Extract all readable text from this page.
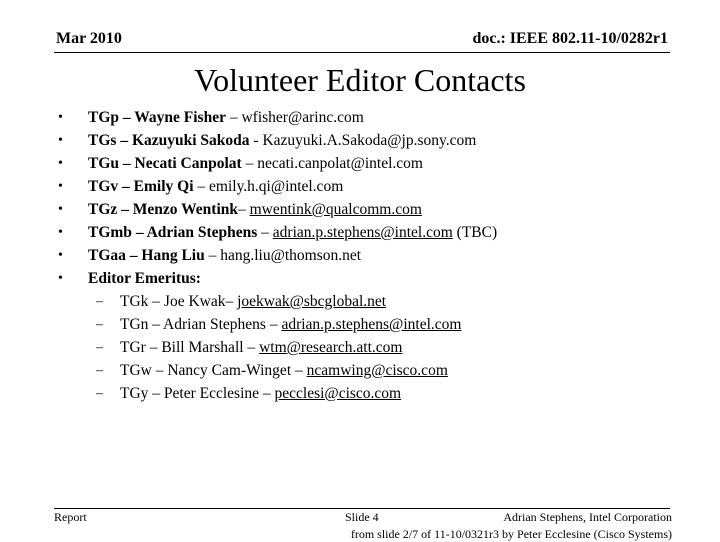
Mar 2010	doc.: IEEE 802.11-10/0282r1
Volunteer Editor Contacts
•	TGp – Wayne Fisher – wfisher@arinc.com
•	TGs – Kazuyuki Sakoda - Kazuyuki.A.Sakoda@jp.sony.com
•	TGu – Necati Canpolat – necati.canpolat@intel.com
•	TGv – Emily Qi – emily.h.qi@intel.com
•	TGz – Menzo Wentink– mwentink@qualcomm.com
•	TGmb – Adrian Stephens – adrian.p.stephens@intel.com (TBC)
•	TGaa – Hang Liu – hang.liu@thomson.net
•	Editor Emeritus:
–	TGk – Joe Kwak– joekwak@sbcglobal.net
–	TGn – Adrian Stephens – adrian.p.stephens@intel.com
–	TGr – Bill Marshall – wtm@research.att.com
–	TGw – Nancy Cam-Winget – ncamwing@cisco.com
–	TGy – Peter Ecclesine – pecclesi@cisco.com
Report	Slide 4	Adrian Stephens, Intel Corporation
from slide 2/7 of 11-10/0321r3 by Peter Ecclesine (Cisco Systems)
